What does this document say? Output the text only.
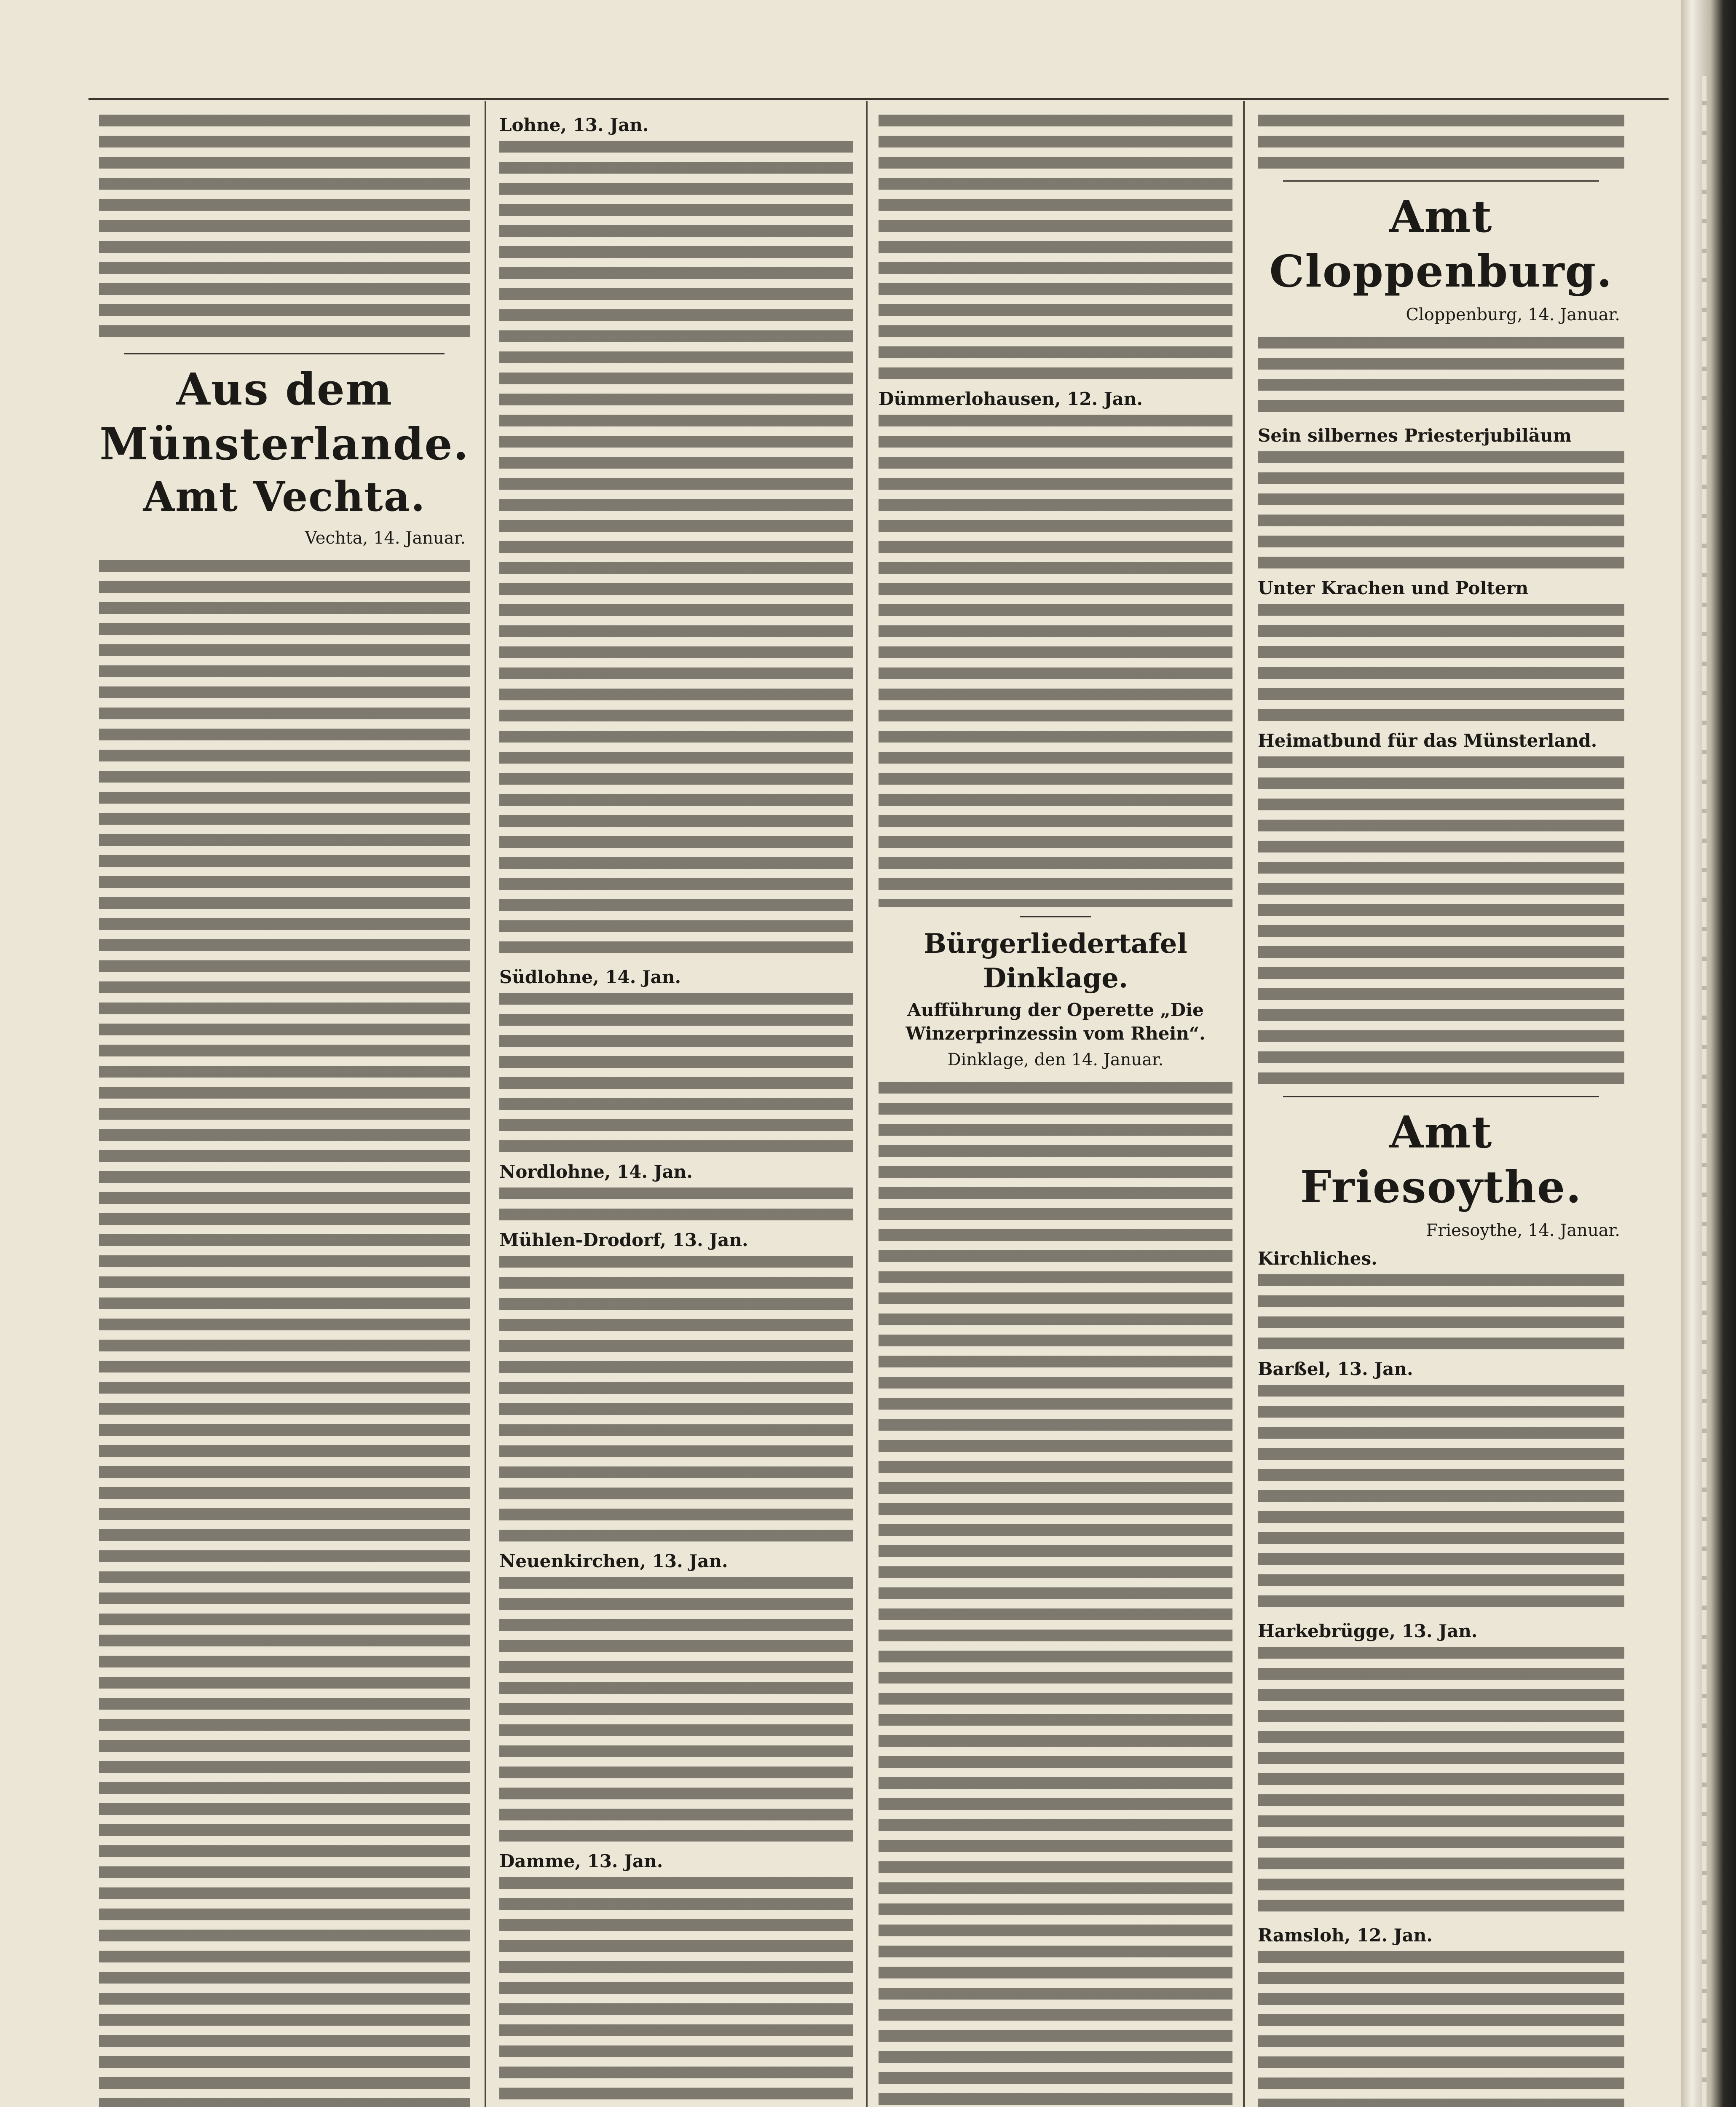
Aus dem Münsterlande.
Amt Vechta.
Vechta, 14. Januar.
Lohne, 13. Jan.
Südlohne, 14. Jan.
Nordlohne, 14. Jan.
Mühlen-Drodorf, 13. Jan.
Neuenkirchen, 13. Jan.
Damme, 13. Jan.
Dümmerlohausen, 12. Jan.
Bürgerliedertafel Dinklage.
Aufführung der Operette „Die Winzerprinzessin vom Rhein“.
Dinklage, den 14. Januar.
Amt Cloppenburg.
Cloppenburg, 14. Januar.
Sein silbernes Priesterjubiläum
Unter Krachen und Poltern
Heimatbund für das Münsterland.
Amt Friesoythe.
Friesoythe, 14. Januar.
Kirchliches.
Barßel, 13. Jan.
Harkebrügge, 13. Jan.
Ramsloh, 12. Jan.
